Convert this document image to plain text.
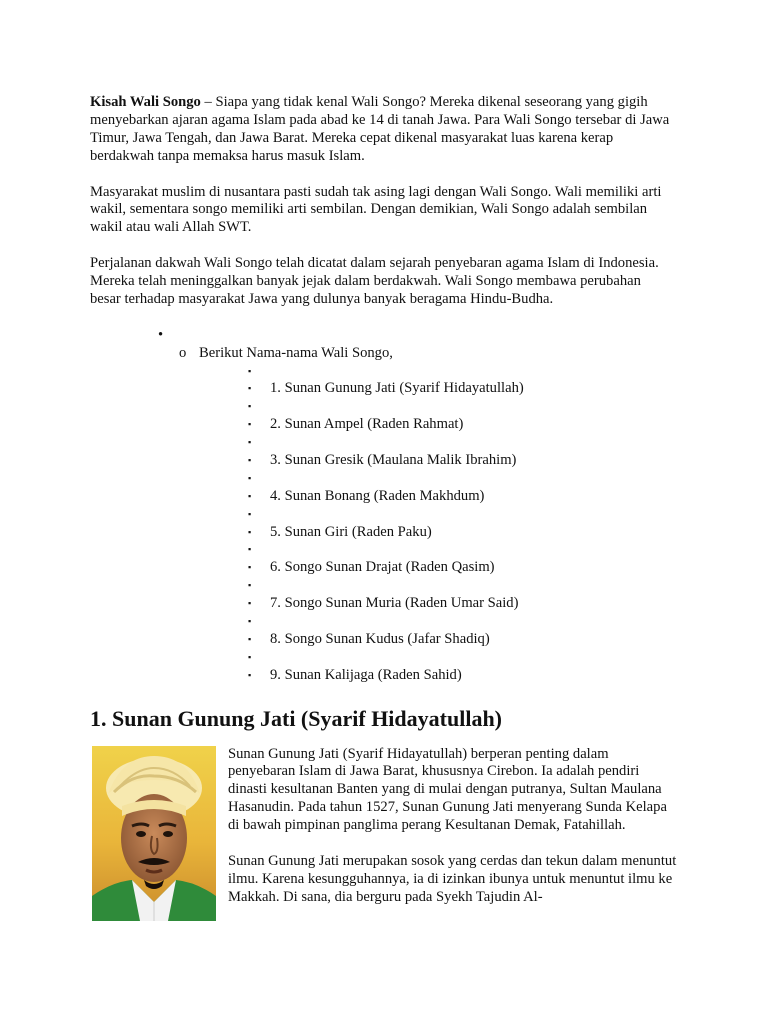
Kisah Wali Songo – Siapa yang tidak kenal Wali Songo? Mereka dikenal seseorang yang gigih menyebarkan ajaran agama Islam pada abad ke 14 di tanah Jawa. Para Wali Songo tersebar di Jawa Timur, Jawa Tengah, dan Jawa Barat. Mereka cepat dikenal masyarakat luas karena kerap berdakwah tanpa memaksa harus masuk Islam.

Masyarakat muslim di nusantara pasti sudah tak asing lagi dengan Wali Songo. Wali memiliki arti wakil, sementara songo memiliki arti sembilan. Dengan demikian, Wali Songo adalah sembilan wakil atau wali Allah SWT.

Perjalanan dakwah Wali Songo telah dicatat dalam sejarah penyebaran agama Islam di Indonesia. Mereka telah meninggalkan banyak jejak dalam berdakwah. Wali Songo membawa perubahan besar terhadap masyarakat Jawa yang dulunya banyak beragama Hindu-Budha.

•
o Berikut Nama-nama Wali Songo,
▪
▪ 1. Sunan Gunung Jati (Syarif Hidayatullah)
▪
▪ 2. Sunan Ampel (Raden Rahmat)
▪
▪ 3. Sunan Gresik (Maulana Malik Ibrahim)
▪
▪ 4. Sunan Bonang (Raden Makhdum)
▪
▪ 5. Sunan Giri (Raden Paku)
▪
▪ 6. Songo Sunan Drajat (Raden Qasim)
▪
▪ 7. Songo Sunan Muria (Raden Umar Said)
▪
▪ 8. Songo Sunan Kudus (Jafar Shadiq)
▪
▪ 9. Sunan Kalijaga (Raden Sahid)
1. Sunan Gunung Jati (Syarif Hidayatullah)

Sunan Gunung Jati (Syarif Hidayatullah) berperan penting dalam penyebaran Islam di Jawa Barat, khususnya Cirebon. Ia adalah pendiri dinasti kesultanan Banten yang di mulai dengan putranya, Sultan Maulana Hasanudin. Pada tahun 1527, Sunan Gunung Jati menyerang Sunda Kelapa di bawah pimpinan panglima perang Kesultanan Demak, Fatahillah.

Sunan Gunung Jati merupakan sosok yang cerdas dan tekun dalam menuntut ilmu. Karena kesungguhannya, ia di izinkan ibunya untuk menuntut ilmu ke Makkah. Di sana, dia berguru pada Syekh Tajudin Al-
